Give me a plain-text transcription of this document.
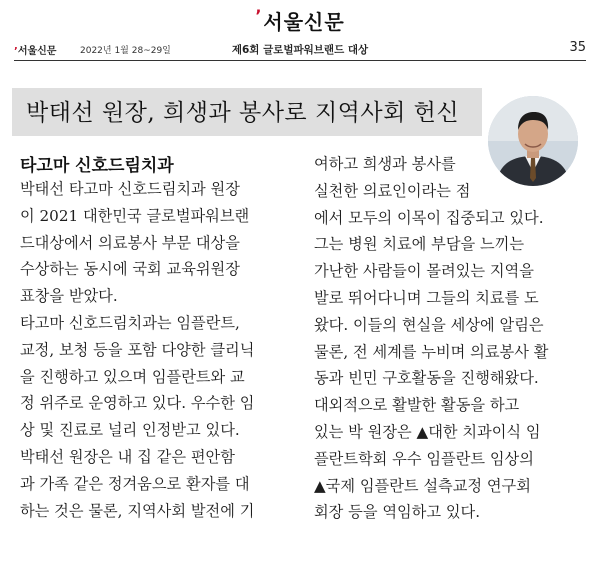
’서울신문
’서울신문	2022년 1월 28~29일	제6회 글로벌파워브랜드 대상	35
박태선 원장, 희생과 봉사로 지역사회 헌신
타고마 신호드림치과
박태선 타고마 신호드림치과 원장
이 2021 대한민국 글로벌파워브랜
드대상에서 의료봉사 부문 대상을
수상하는 동시에 국회 교육위원장
표창을 받았다.
타고마 신호드림치과는 임플란트,
교정, 보청 등을 포함 다양한 클리닉
을 진행하고 있으며 임플란트와 교
정 위주로 운영하고 있다. 우수한 임
상 및 진료로 널리 인정받고 있다.
박태선 원장은 내 집 같은 편안함
과 가족 같은 정겨움으로 환자를 대
하는 것은 물론, 지역사회 발전에 기
여하고 희생과 봉사를
실천한 의료인이라는 점
에서 모두의 이목이 집중되고 있다.
그는 병원 치료에 부담을 느끼는
가난한 사람들이 몰려있는 지역을
발로 뛰어다니며 그들의 치료를 도
왔다. 이들의 현실을 세상에 알림은
물론, 전 세계를 누비며 의료봉사 활
동과 빈민 구호활동을 진행해왔다.
대외적으로 활발한 활동을 하고
있는 박 원장은 ▲대한 치과이식 임
플란트학회 우수 임플란트 임상의
▲국제 임플란트 설측교정 연구회
회장 등을 역임하고 있다.
